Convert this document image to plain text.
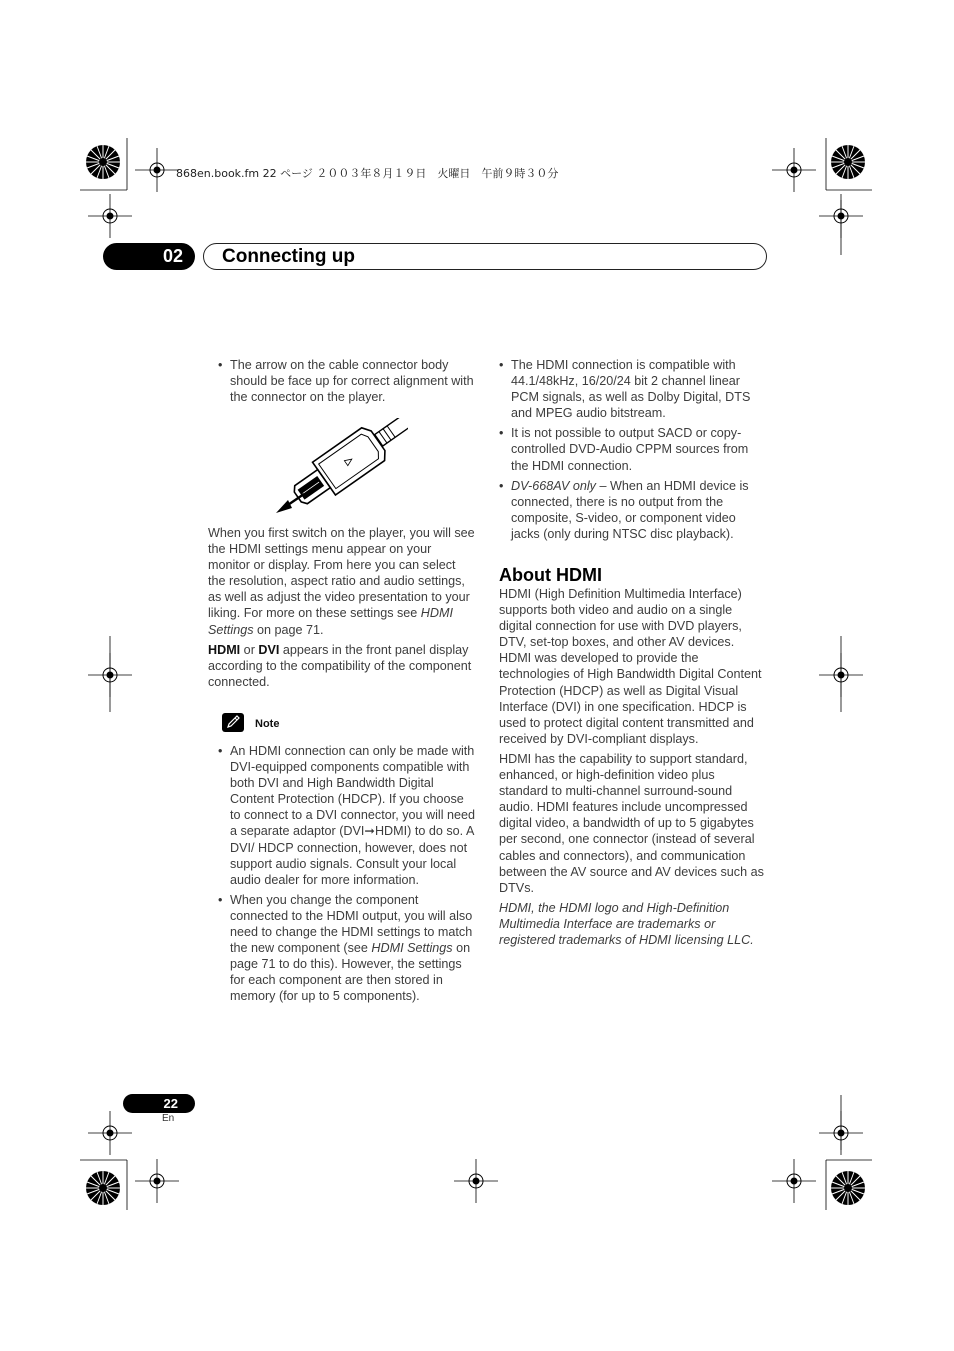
868en.book.fm 22 ページ ２００３年８月１９日　火曜日　午前９時３０分
02	Connecting up
• The arrow on the cable connector body should be face up for correct alignment with the connector on the player.

When you first switch on the player, you will see the HDMI settings menu appear on your monitor or display. From here you can select the resolution, aspect ratio and audio settings, as well as adjust the video presentation to your liking. For more on these settings see HDMI Settings on page 71.

HDMI or DVI appears in the front panel display according to the compatibility of the component connected.

Note
• An HDMI connection can only be made with DVI-equipped components compatible with both DVI and High Bandwidth Digital Content Protection (HDCP). If you choose to connect to a DVI connector, you will need a separate adaptor (DVI➞HDMI) to do so. A DVI/ HDCP connection, however, does not support audio signals. Consult your local audio dealer for more information.
• When you change the component connected to the HDMI output, you will also need to change the HDMI settings to match the new component (see HDMI Settings on page 71 to do this). However, the settings for each component are then stored in memory (for up to 5 components).
• The HDMI connection is compatible with 44.1/48kHz, 16/20/24 bit 2 channel linear PCM signals, as well as Dolby Digital, DTS and MPEG audio bitstream.
• It is not possible to output SACD or copy-controlled DVD-Audio CPPM sources from the HDMI connection.
• DV-668AV only – When an HDMI device is connected, there is no output from the composite, S-video, or component video jacks (only during NTSC disc playback).
About HDMI

HDMI (High Definition Multimedia Interface) supports both video and audio on a single digital connection for use with DVD players, DTV, set-top boxes, and other AV devices. HDMI was developed to provide the technologies of High Bandwidth Digital Content Protection (HDCP) as well as Digital Visual Interface (DVI) in one specification. HDCP is used to protect digital content transmitted and received by DVI-compliant displays.

HDMI has the capability to support standard, enhanced, or high-definition video plus standard to multi-channel surround-sound audio. HDMI features include uncompressed digital video, a bandwidth of up to 5 gigabytes per second, one connector (instead of several cables and connectors), and communication between the AV source and AV devices such as DTVs.

HDMI, the HDMI logo and High-Definition Multimedia Interface are trademarks or registered trademarks of HDMI licensing LLC.

22
En
